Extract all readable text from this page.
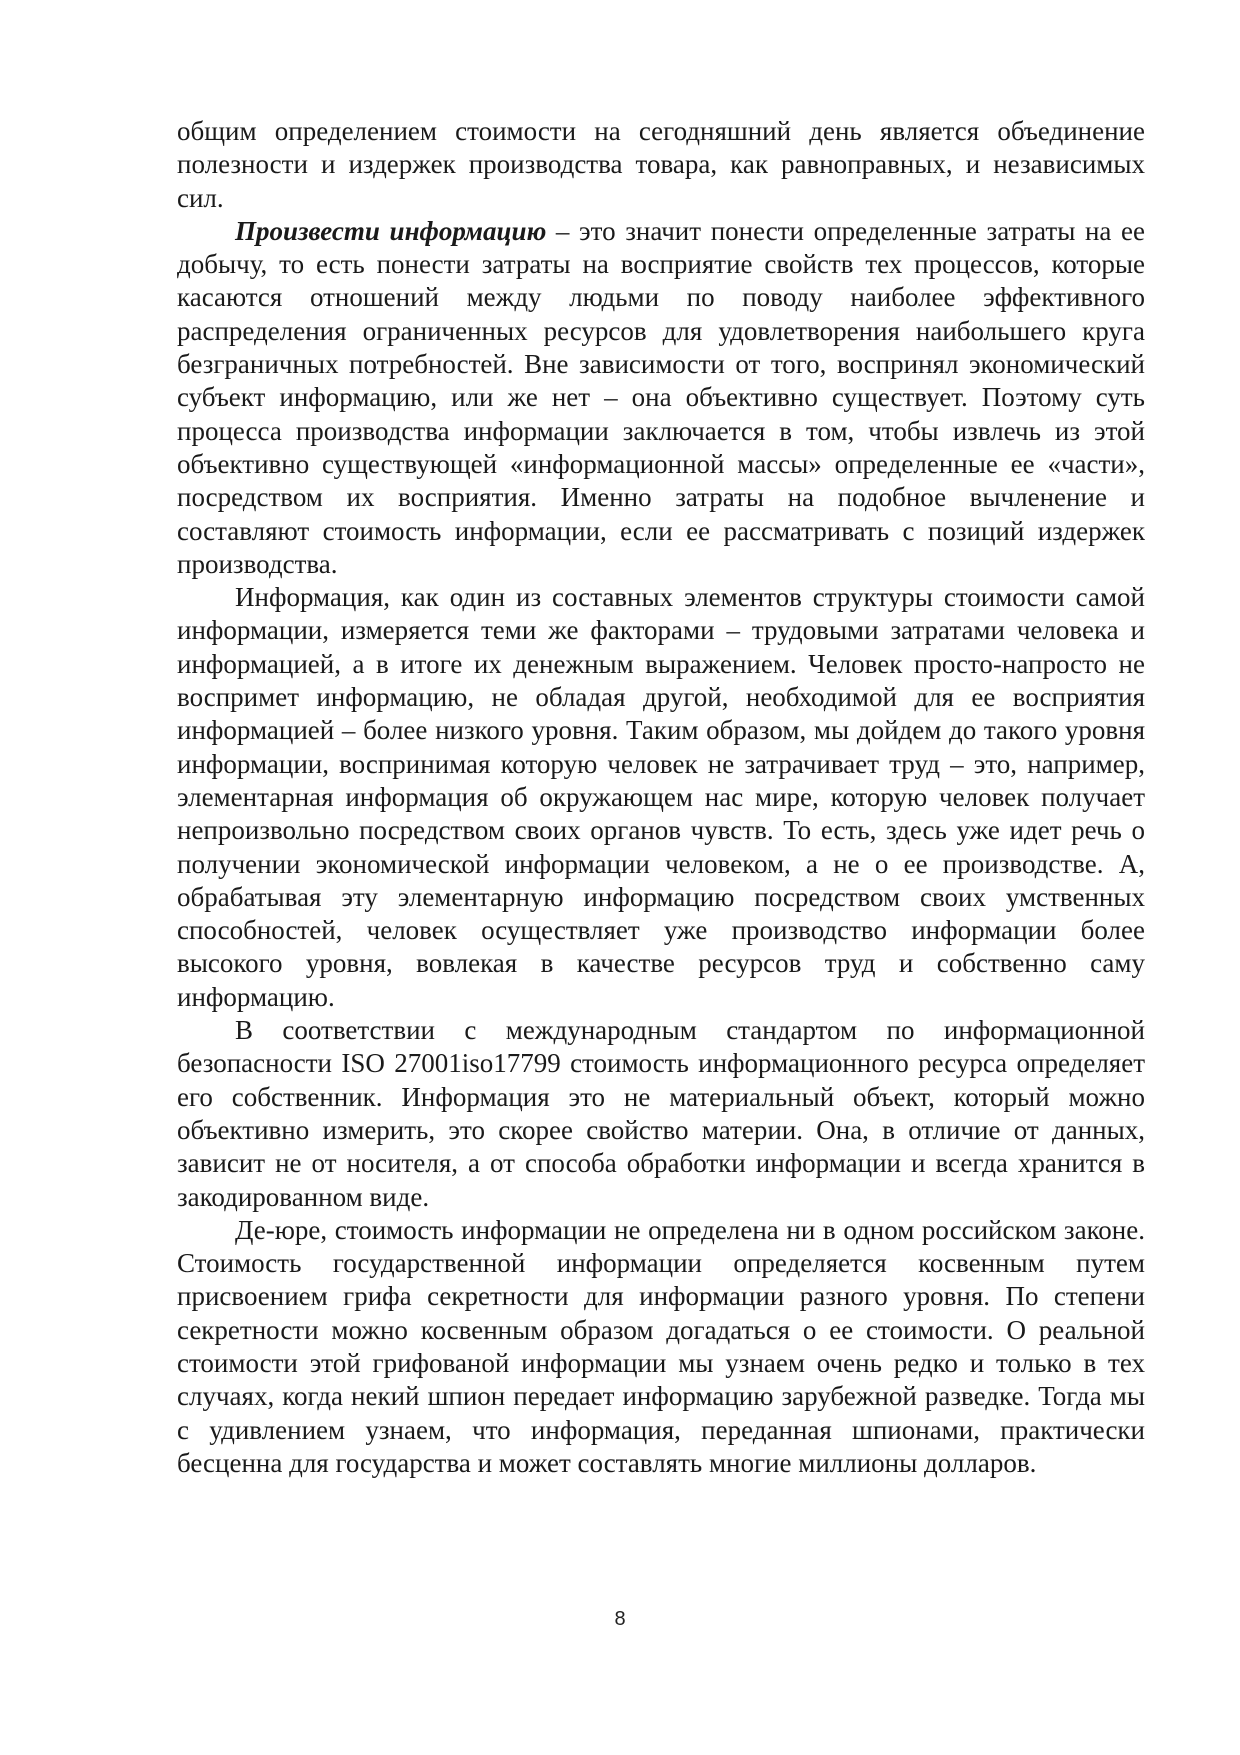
общим определением стоимости на сегодняшний день является объединение полезности и издержек производства товара, как равноправных, и независимых сил.

Произвести информацию – это значит понести определенные затраты на ее добычу, то есть понести затраты на восприятие свойств тех процессов, которые касаются отношений между людьми по поводу наиболее эффективного распределения ограниченных ресурсов для удовлетворения наибольшего круга безграничных потребностей. Вне зависимости от того, воспринял экономический субъект информацию, или же нет – она объективно существует. Поэтому суть процесса производства информации заключается в том, чтобы извлечь из этой объективно существующей «информационной массы» определенные ее «части», посредством их восприятия. Именно затраты на подобное вычленение и составляют стоимость информации, если ее рассматривать с позиций издержек производства.

Информация, как один из составных элементов структуры стоимости самой информации, измеряется теми же факторами – трудовыми затратами человека и информацией, а в итоге их денежным выражением. Человек просто-напросто не воспримет информацию, не обладая другой, необходимой для ее восприятия информацией – более низкого уровня. Таким образом, мы дойдем до такого уровня информации, воспринимая которую человек не затрачивает труд – это, например, элементарная информация об окружающем нас мире, которую человек получает непроизвольно посредством своих органов чувств. То есть, здесь уже идет речь о получении экономической информации человеком, а не о ее производстве. А, обрабатывая эту элементарную информацию посредством своих умственных способностей, человек осуществляет уже производство информации более высокого уровня, вовлекая в качестве ресурсов труд и собственно саму информацию.

В соответствии с международным стандартом по информационной безопасности ISO 27001iso17799 стоимость информационного ресурса определяет его собственник. Информация это не материальный объект, который можно объективно измерить, это скорее свойство материи. Она, в отличие от данных, зависит не от носителя, а от способа обработки информации и всегда хранится в закодированном виде.

Де-юре, стоимость информации не определена ни в одном российском законе. Стоимость государственной информации определяется косвенным путем присвоением грифа секретности для информации разного уровня. По степени секретности можно косвенным образом догадаться о ее стоимости. О реальной стоимости этой грифованой информации мы узнаем очень редко и только в тех случаях, когда некий шпион передает информацию зарубежной разведке. Тогда мы с удивлением узнаем, что информация, переданная шпионами, практически бесценна для государства и может составлять многие миллионы долларов.

8
